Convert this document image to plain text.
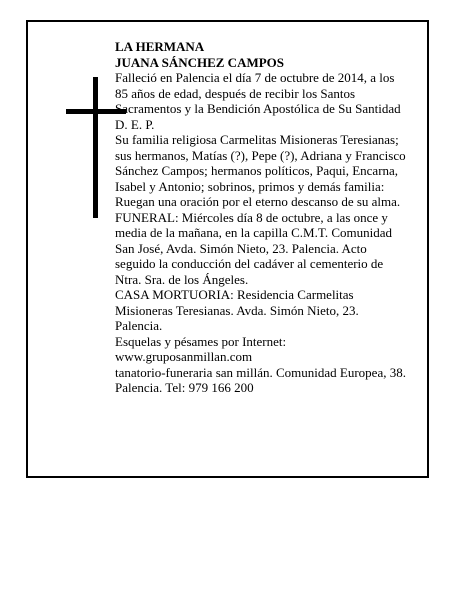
LA HERMANA

JUANA SÁNCHEZ CAMPOS

Falleció en Palencia el día 7 de octubre de 2014, a los

85 años de edad, después de recibir los Santos

Sacramentos y la Bendición Apostólica de Su Santidad

D. E. P.

Su familia religiosa Carmelitas Misioneras Teresianas;

sus hermanos, Matías (?), Pepe (?), Adriana y Francisco

Sánchez Campos; hermanos políticos, Paqui, Encarna,

Isabel y Antonio; sobrinos, primos y demás familia:

Ruegan una oración por el eterno descanso de su alma.

FUNERAL: Miércoles día 8 de octubre, a las once y

media de la mañana, en la capilla C.M.T. Comunidad

San José, Avda. Simón Nieto, 23. Palencia. Acto

seguido la conducción del cadáver al cementerio de

Ntra. Sra. de los Ángeles.

CASA MORTUORIA: Residencia Carmelitas

Misioneras Teresianas. Avda. Simón Nieto, 23.

Palencia.

Esquelas y pésames por Internet:

www.gruposanmillan.com

tanatorio-funeraria san millán. Comunidad Europea, 38.

Palencia. Tel: 979 166 200
